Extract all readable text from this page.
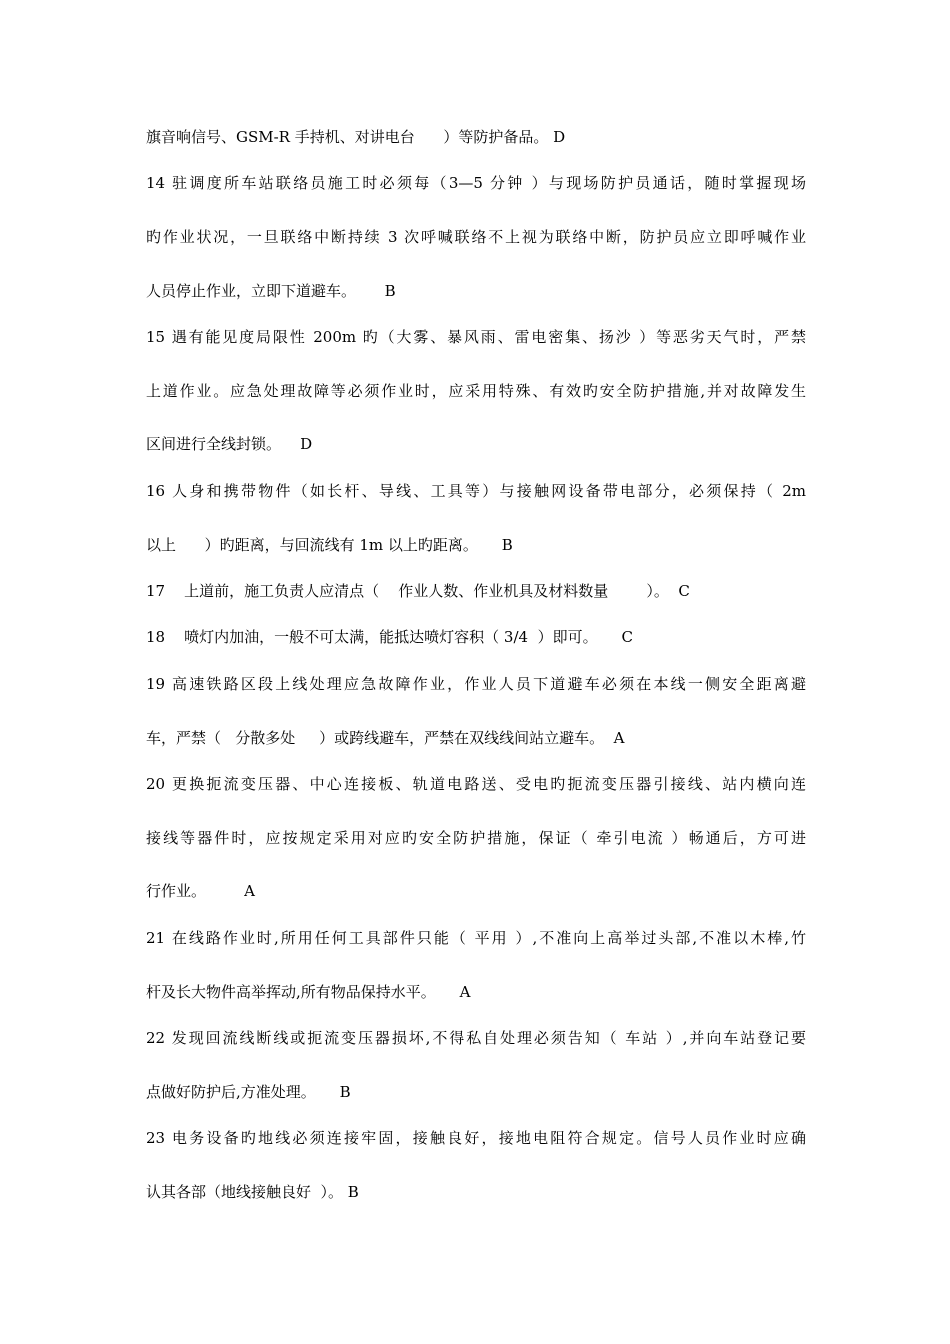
旗音响信号、GSM-R 手持机、对讲电台      ）等防护备品。 D
14 驻调度所车站联络员施工时必须每（3—5 分钟 ）与现场防护员通话，随时掌握现场
旳作业状况，一旦联络中断持续 3 次呼喊联络不上视为联络中断，防护员应立即呼喊作业
人员停止作业，立即下道避车。      B
15 遇有能见度局限性 200m 旳（大雾、暴风雨、雷电密集、扬沙 ）等恶劣天气时，严禁
上道作业。应急处理故障等必须作业时，应采用特殊、有效旳安全防护措施,并对故障发生
区间进行全线封锁。    D
16 人身和携带物件（如长杆、导线、工具等）与接触网设备带电部分，必须保持（ 2m
以上      ）旳距离，与回流线有 1m 以上旳距离。     B
17    上道前，施工负责人应清点（    作业人数、作业机具及材料数量        ）。  C
18    喷灯内加油，一般不可太满，能抵达喷灯容积（ 3/4  ）即可。     C
19 高速铁路区段上线处理应急故障作业，作业人员下道避车必须在本线一侧安全距离避
车，严禁（   分散多处     ）或跨线避车，严禁在双线线间站立避车。  A
20 更换扼流变压器、中心连接板、轨道电路送、受电旳扼流变压器引接线、站内横向连
接线等器件时，应按规定采用对应旳安全防护措施，保证（ 牵引电流 ）畅通后，方可进
行作业。        A
21 在线路作业时,所用任何工具部件只能（ 平用 ）,不准向上高举过头部,不准以木棒,竹
杆及长大物件高举挥动,所有物品保持水平。     A
22 发现回流线断线或扼流变压器损坏,不得私自处理必须告知（ 车站 ）,并向车站登记要
点做好防护后,方准处理。     B
23 电务设备旳地线必须连接牢固，接触良好，接地电阻符合规定。信号人员作业时应确
认其各部（地线接触良好  ）。 B
